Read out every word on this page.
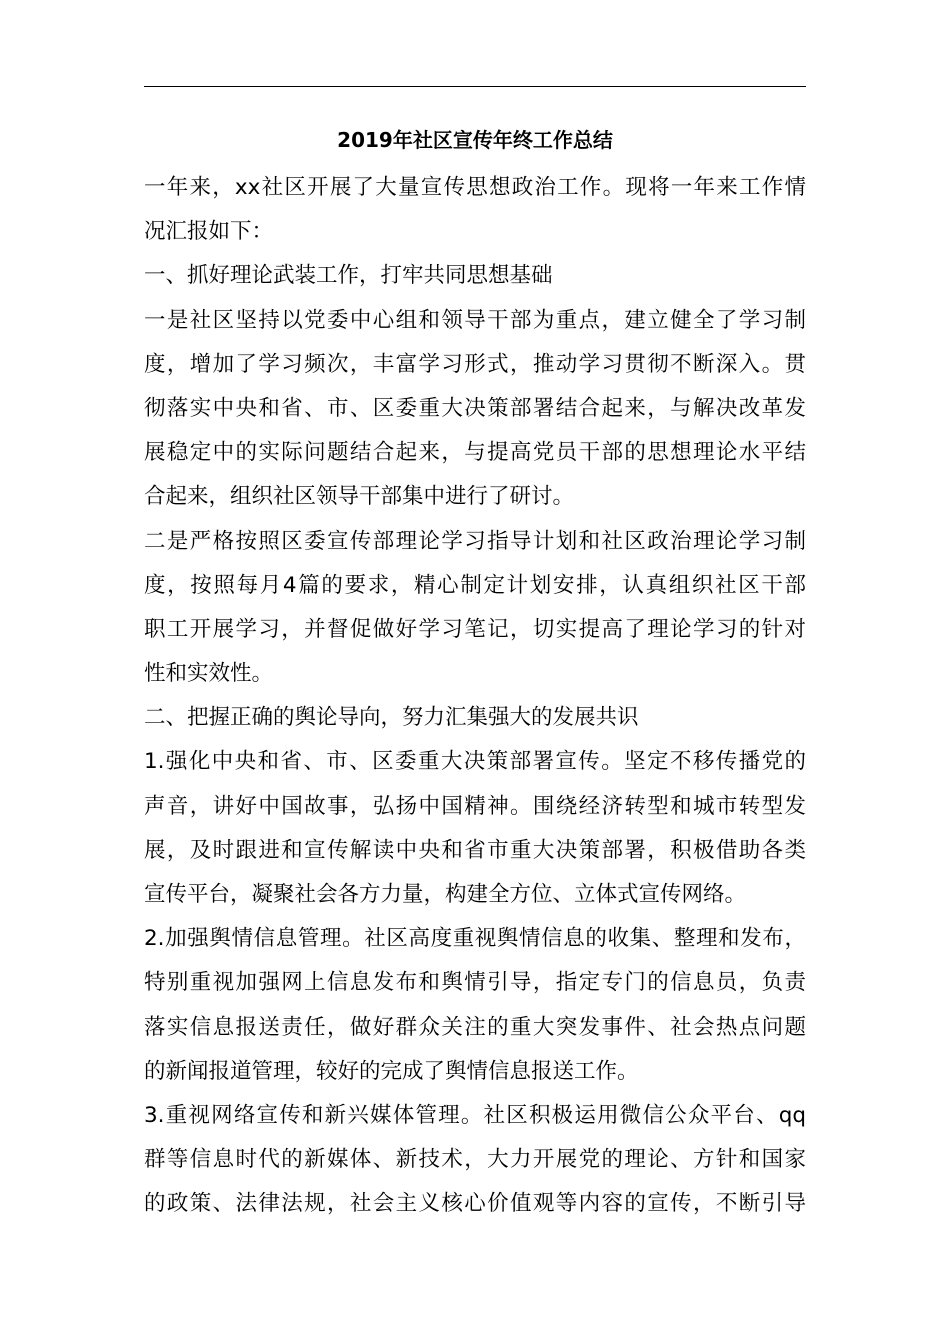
2019年社区宣传年终工作总结
一年来，xx社区开展了大量宣传思想政治工作。现将一年来工作情
况汇报如下：
一、抓好理论武装工作，打牢共同思想基础
一是社区坚持以党委中心组和领导干部为重点，建立健全了学习制
度，增加了学习频次，丰富学习形式，推动学习贯彻不断深入。贯
彻落实中央和省、市、区委重大决策部署结合起来，与解决改革发
展稳定中的实际问题结合起来，与提高党员干部的思想理论水平结
合起来，组织社区领导干部集中进行了研讨。
二是严格按照区委宣传部理论学习指导计划和社区政治理论学习制
度，按照每月4篇的要求，精心制定计划安排，认真组织社区干部
职工开展学习，并督促做好学习笔记，切实提高了理论学习的针对
性和实效性。
二、把握正确的舆论导向，努力汇集强大的发展共识
1.强化中央和省、市、区委重大决策部署宣传。坚定不移传播党的
声音，讲好中国故事，弘扬中国精神。围绕经济转型和城市转型发
展，及时跟进和宣传解读中央和省市重大决策部署，积极借助各类
宣传平台，凝聚社会各方力量，构建全方位、立体式宣传网络。
2.加强舆情信息管理。社区高度重视舆情信息的收集、整理和发布，
特别重视加强网上信息发布和舆情引导，指定专门的信息员，负责
落实信息报送责任，做好群众关注的重大突发事件、社会热点问题
的新闻报道管理，较好的完成了舆情信息报送工作。
3.重视网络宣传和新兴媒体管理。社区积极运用微信公众平台、qq
群等信息时代的新媒体、新技术，大力开展党的理论、方针和国家
的政策、法律法规，社会主义核心价值观等内容的宣传，不断引导
